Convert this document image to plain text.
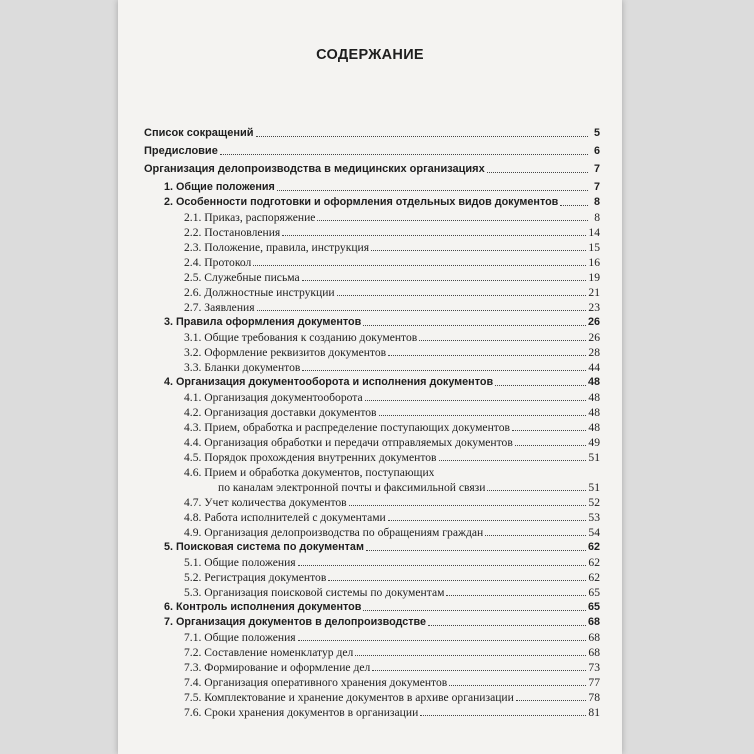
СОДЕРЖАНИЕ
Список сокращений	5
Предисловие	6
Организация делопроизводства в медицинских организациях	7
1. Общие положения	7
2. Особенности подготовки и оформления отдельных видов документов	8
2.1. Приказ, распоряжение	8
2.2. Постановления	14
2.3. Положение, правила, инструкция	15
2.4. Протокол	16
2.5. Служебные письма	19
2.6. Должностные инструкции	21
2.7. Заявления	23
3. Правила оформления документов	26
3.1. Общие требования к созданию документов	26
3.2. Оформление реквизитов документов	28
3.3. Бланки документов	44
4. Организация документооборота и исполнения документов	48
4.1. Организация документооборота	48
4.2. Организация доставки документов	48
4.3. Прием, обработка и распределение поступающих документов	48
4.4. Организация обработки и передачи отправляемых документов	49
4.5. Порядок прохождения внутренних документов	51
4.6. Прием и обработка документов, поступающих
по каналам электронной почты и факсимильной связи	51
4.7. Учет количества документов	52
4.8. Работа исполнителей с документами	53
4.9. Организация делопроизводства по обращениям граждан	54
5. Поисковая система по документам	62
5.1. Общие положения	62
5.2. Регистрация документов	62
5.3. Организация поисковой системы по документам	65
6. Контроль исполнения документов	65
7. Организация документов в делопроизводстве	68
7.1. Общие положения	68
7.2. Составление номенклатур дел	68
7.3. Формирование и оформление дел	73
7.4. Организация оперативного хранения документов	77
7.5. Комплектование и хранение документов в архиве организации	78
7.6. Сроки хранения документов в организации	81
